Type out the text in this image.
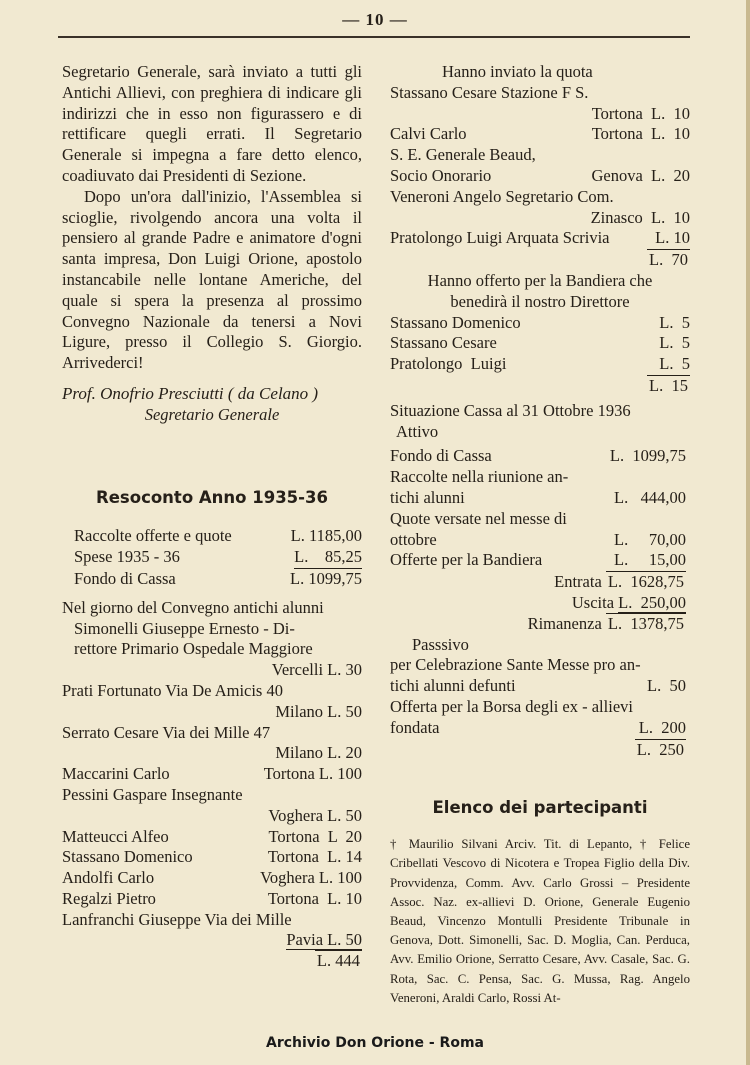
— 10 —

Segretario Generale, sarà inviato a tutti gli Antichi Allievi, con preghiera di indicare gli indirizzi che in esso non figurassero e di rettificare quegli errati. Il Segretario Generale si impegna a fare detto elenco, coadiuvato dai Presidenti di Sezione.

Dopo un'ora dall'inizio, l'Assemblea si scioglie, rivolgendo ancora una volta il pensiero al grande Padre e animatore d'ogni santa impresa, Don Luigi Orione, apostolo instancabile nelle lontane Americhe, del quale si spera la presenza al prossimo Convegno Nazionale da tenersi a Novi Ligure, presso il Collegio S. Giorgio. Arrivederci!

Prof. Onofrio Presciutti ( da Celano )
Segretario Generale

Resoconto Anno 1935-36

Raccolte offerte e quote	L. 1185,00
Spese 1935 - 36	L.    85,25
Fondo di Cassa	L. 1099,75
Nel giorno del Convegno antichi alunni
Simonelli Giuseppe Ernesto - Di-
rettore Primario Ospedale Maggiore
Vercelli L. 30
Prati Fortunato Via De Amicis 40
Milano L. 50
Serrato Cesare Via dei Mille 47
Milano L. 20
Maccarini Carlo	Tortona L. 100
Pessini Gaspare Insegnante
Voghera L. 50
Matteucci Alfeo	Tortona  L  20
Stassano Domenico	Tortona  L. 14
Andolfi Carlo	Voghera L. 100
Regalzi Pietro	Tortona  L. 10
Lanfranchi Giuseppe Via dei Mille
Pavia L. 50
L. 444
Hanno inviato la quota
Stassano Cesare Stazione F S.
Tortona  L.  10
Calvi Carlo	Tortona  L.  10
S. E. Generale Beaud,
Socio Onorario	Genova  L.  20
Veneroni Angelo Segretario Com.
Zinasco  L.  10
Pratolongo Luigi Arquata Scrivia	L. 10
L.  70
Hanno offerto per la Bandiera che
benedirà il nostro Direttore
Stassano Domenico	L.  5
Stassano Cesare	L.  5
Pratolongo  Luigi	L.  5
L.  15
Situazione Cassa al 31 Ottobre 1936
Attivo
Fondo di Cassa	L.  1099,75
Raccolte nella riunione an-
tichi alunni	L.   444,00
Quote versate nel messe di
ottobre	L.     70,00
Offerte per la Bandiera	L.     15,00
Entrata L.  1628,75
Uscita L.  250,00
Rimanenza L.  1378,75
Passsivo
per Celebrazione Sante Messe pro an-
tichi alunni defunti	L.  50
Offerta per la Borsa degli ex - allievi
fondata	L.  200
L.  250

Elenco dei partecipanti

† Maurilio Silvani Arciv. Tit. di Lepanto, † Felice Cribellati Vescovo di Nicotera e Tropea Figlio della Div. Provvidenza, Comm. Avv. Carlo Grossi – Presidente Assoc. Naz. ex-allievi D. Orione, Generale Eugenio Beaud, Vincenzo Montulli Presidente Tribunale in Genova, Dott. Simonelli, Sac. D. Moglia, Can. Perduca, Avv. Emilio Orione, Serratto Cesare, Avv. Casale, Sac. G. Rota, Sac. C. Pensa, Sac. G. Mussa, Rag. Angelo Veneroni, Araldi Carlo, Rossi At-

Archivio Don Orione - Roma
